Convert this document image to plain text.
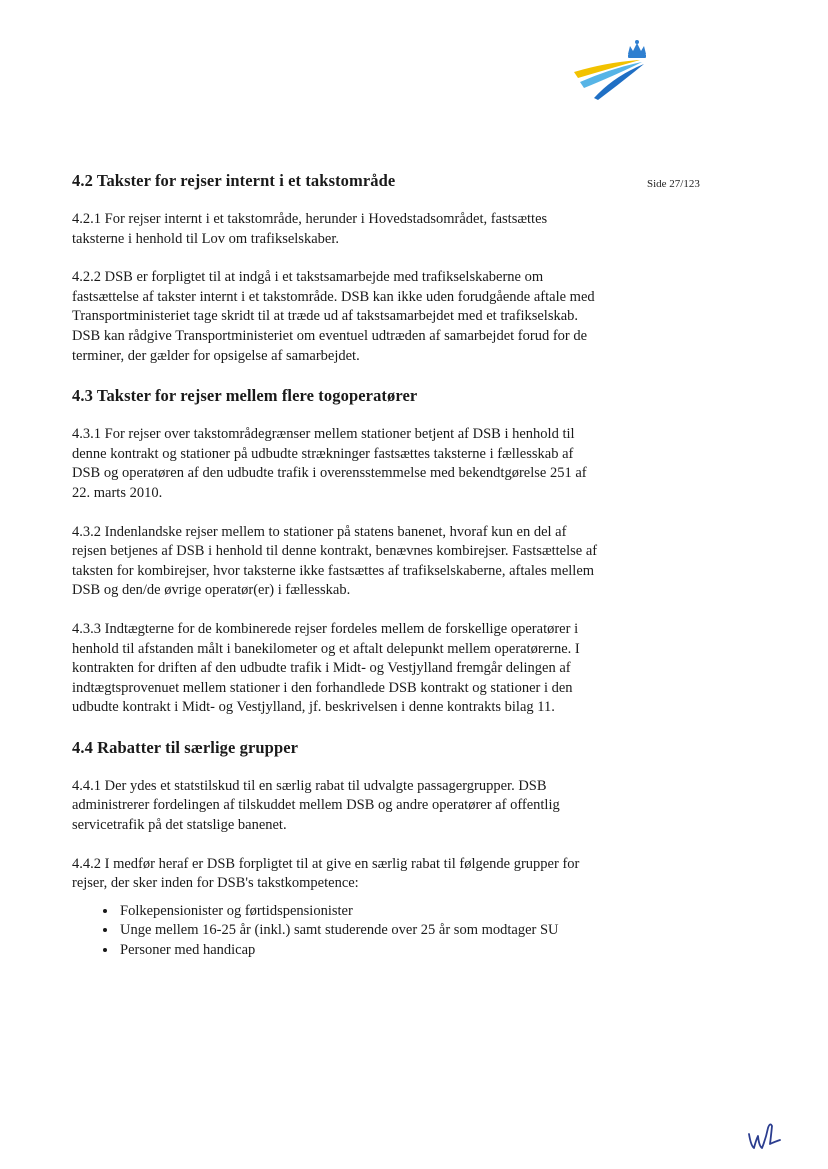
Side 27/123
4.2 Takster for rejser internt i et takstområde

4.2.1 For rejser internt i et takstområde, herunder i Hovedstadsområdet, fastsættes taksterne i henhold til Lov om trafikselskaber.

4.2.2 DSB er forpligtet til at indgå i et takstsamarbejde med trafikselskaberne om fastsættelse af takster internt i et takstområde. DSB kan ikke uden forudgående aftale med Transportministeriet tage skridt til at træde ud af takstsamarbejdet med et trafikselskab. DSB kan rådgive Transportministeriet om eventuel udtræden af samarbejdet forud for de terminer, der gælder for opsigelse af samarbejdet.

4.3 Takster for rejser mellem flere togoperatører

4.3.1 For rejser over takstområdegrænser mellem stationer betjent af DSB i henhold til denne kontrakt og stationer på udbudte strækninger fastsættes taksterne i fællesskab af DSB og operatøren af den udbudte trafik i overensstemmelse med bekendtgørelse 251 af 22. marts 2010.

4.3.2 Indenlandske rejser mellem to stationer på statens banenet, hvoraf kun en del af rejsen betjenes af DSB i henhold til denne kontrakt, benævnes kombirejser. Fastsættelse af taksten for kombirejser, hvor taksterne ikke fastsættes af trafikselskaberne, aftales mellem DSB og den/de øvrige operatør(er) i fællesskab.

4.3.3 Indtægterne for de kombinerede rejser fordeles mellem de forskellige operatører i henhold til afstanden målt i banekilometer og et aftalt delepunkt mellem operatørerne. I kontrakten for driften af den udbudte trafik i Midt- og Vestjylland fremgår delingen af indtægtsprovenuet mellem stationer i den forhandlede DSB kontrakt og stationer i den udbudte kontrakt i Midt- og Vestjylland, jf. beskrivelsen i denne kontrakts bilag 11.

4.4 Rabatter til særlige grupper

4.4.1 Der ydes et statstilskud til en særlig rabat til udvalgte passagergrupper. DSB administrerer fordelingen af tilskuddet mellem DSB og andre operatører af offentlig servicetrafik på det statslige banenet.

4.4.2 I medfør heraf er DSB forpligtet til at give en særlig rabat til følgende grupper for rejser, der sker inden for DSB's takstkompetence:

• Folkepensionister og førtidspensionister
• Unge mellem 16-25 år (inkl.) samt studerende over 25 år som modtager SU
• Personer med handicap
